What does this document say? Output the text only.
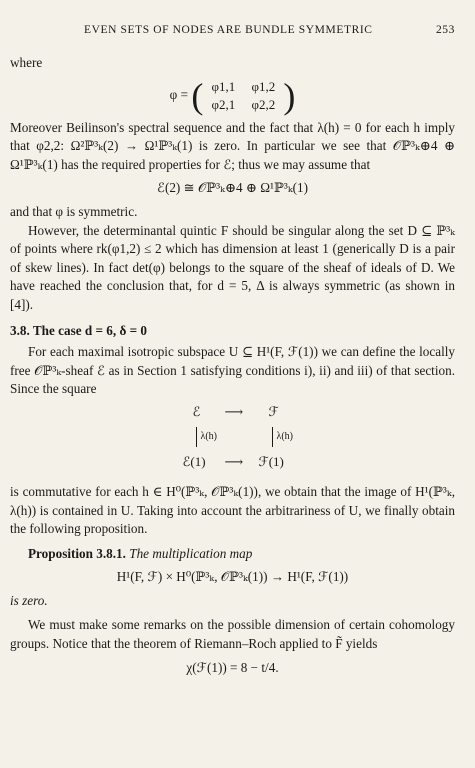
EVEN SETS OF NODES ARE BUNDLE SYMMETRIC	253

where

φ = ( φ1,1	φ1,2
φ2,1	φ2,2 )

Moreover Beilinson's spectral sequence and the fact that λ(h) = 0 for each h imply that φ2,2: Ω²ℙ³ₖ(2) → Ω¹ℙ³ₖ(1) is zero. In particular we see that 𝒪ℙ³ₖ⊕4 ⊕ Ω¹ℙ³ₖ(1) has the required properties for ℰ; thus we may assume that

ℰ(2) ≅ 𝒪ℙ³ₖ⊕4 ⊕ Ω¹ℙ³ₖ(1)

and that φ is symmetric.

However, the determinantal quintic F should be singular along the set D ⊆ ℙ³ₖ of points where rk(φ1,2) ≤ 2 which has dimension at least 1 (generically D is a pair of skew lines). In fact det(φ) belongs to the square of the sheaf of ideals of D. We have reached the conclusion that, for d = 5, Δ is always symmetric (as shown in [4]).

3.8. The case d = 6, δ = 0

For each maximal isotropic subspace U ⊆ H¹(F, ℱ(1)) we can define the locally free 𝒪ℙ³ₖ-sheaf ℰ as in Section 1 satisfying conditions i), ii) and iii) of that section. Since the square

ℰ ⟶ ℱ
λ(h)	λ(h)
ℰ(1) ⟶ ℱ(1)

is commutative for each h ∈ H⁰(ℙ³ₖ, 𝒪ℙ³ₖ(1)), we obtain that the image of H¹(ℙ³ₖ, λ(h)) is contained in U. Taking into account the arbitrariness of U, we finally obtain the following proposition.

Proposition 3.8.1. The multiplication map
H¹(F, ℱ) × H⁰(ℙ³ₖ, 𝒪ℙ³ₖ(1)) → H¹(F, ℱ(1))

is zero.

We must make some remarks on the possible dimension of certain cohomology groups. Notice that the theorem of Riemann–Roch applied to F̃ yields

χ(ℱ(1)) = 8 − t/4.
